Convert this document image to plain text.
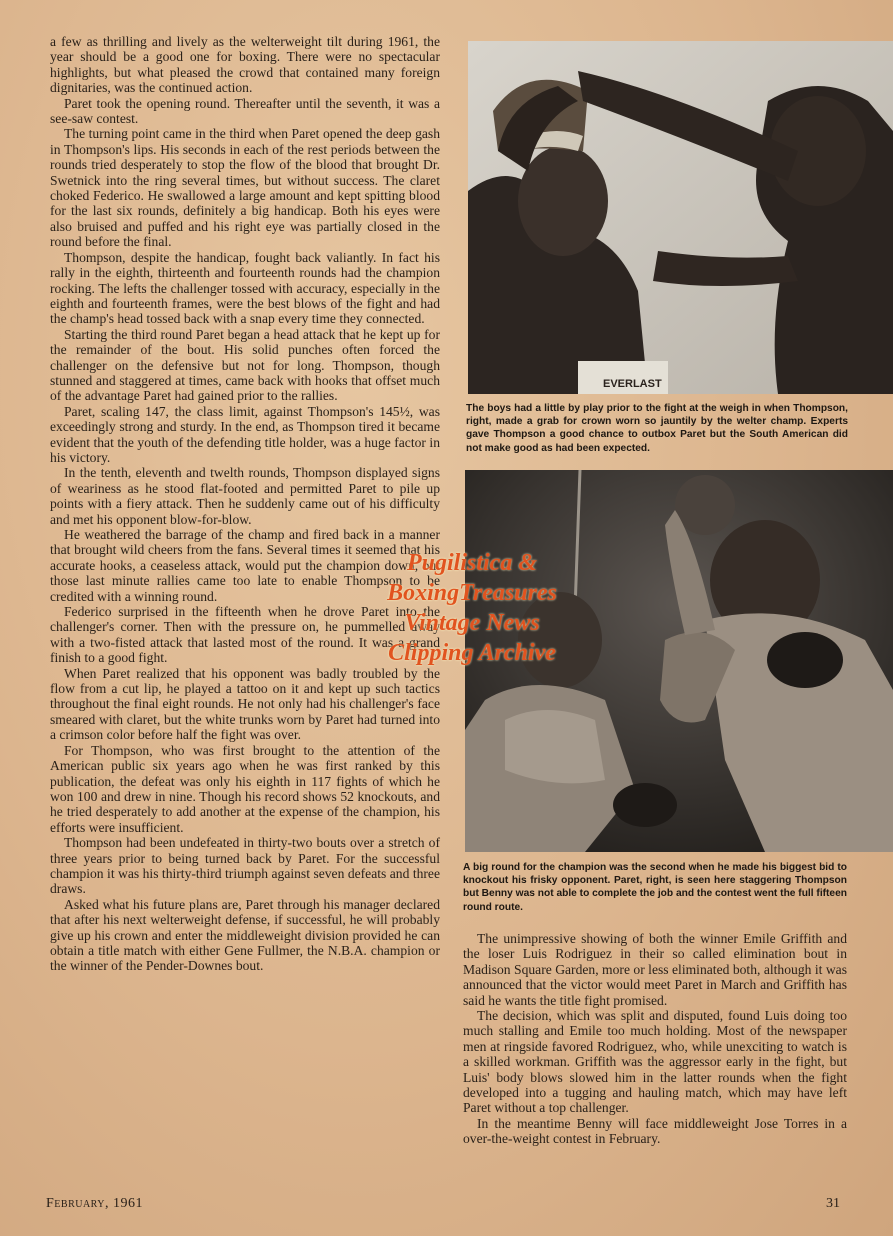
a few as thrilling and lively as the welterweight tilt during 1961, the year should be a good one for boxing. There were no spectacular highlights, but what pleased the crowd that contained many foreign dignitaries, was the continued action.

Paret took the opening round. Thereafter until the seventh, it was a see-saw contest.

The turning point came in the third when Paret opened the deep gash in Thompson's lips. His seconds in each of the rest periods between the rounds tried desperately to stop the flow of the blood that brought Dr. Swetnick into the ring several times, but without success. The claret choked Federico. He swallowed a large amount and kept spitting blood for the last six rounds, definitely a big handicap. Both his eyes were also bruised and puffed and his right eye was partially closed in the round before the final.

Thompson, despite the handicap, fought back valiantly. In fact his rally in the eighth, thirteenth and fourteenth rounds had the champion rocking. The lefts the challenger tossed with accuracy, especially in the eighth and fourteenth frames, were the best blows of the fight and had the champ's head tossed back with a snap every time they connected.

Starting the third round Paret began a head attack that he kept up for the remainder of the bout. His solid punches often forced the challenger on the defensive but not for long. Thompson, though stunned and staggered at times, came back with hooks that offset much of the advantage Paret had gained prior to the rallies.

Paret, scaling 147, the class limit, against Thompson's 145½, was exceedingly strong and sturdy. In the end, as Thompson tired it became evident that the youth of the defending title holder, was a huge factor in his victory.

In the tenth, eleventh and twelth rounds, Thompson displayed signs of weariness as he stood flat-footed and permitted Paret to pile up points with a fiery attack. Then he suddenly came out of his difficulty and met his opponent blow-for-blow.

He weathered the barrage of the champ and fired back in a manner that brought wild cheers from the fans. Several times it seemed that his accurate hooks, a ceaseless attack, would put the champion down, but those last minute rallies came too late to enable Thompson to be credited with a winning round.

Federico surprised in the fifteenth when he drove Paret into the challenger's corner. Then with the pressure on, he pummelled away with a two-fisted attack that lasted most of the round. It was a grand finish to a good fight.

When Paret realized that his opponent was badly troubled by the flow from a cut lip, he played a tattoo on it and kept up such tactics throughout the final eight rounds. He not only had his challenger's face smeared with claret, but the white trunks worn by Paret had turned into a crimson color before half the fight was over.

For Thompson, who was first brought to the attention of the American public six years ago when he was first ranked by this publication, the defeat was only his eighth in 117 fights of which he won 100 and drew in nine. Though his record shows 52 knockouts, and he tried desperately to add another at the expense of the champion, his efforts were insufficient.

Thompson had been undefeated in thirty-two bouts over a stretch of three years prior to being turned back by Paret. For the successful champion it was his thirty-third triumph against seven defeats and three draws.

Asked what his future plans are, Paret through his manager declared that after his next welterweight defense, if successful, he will probably give up his crown and enter the middleweight division provided he can obtain a title match with either Gene Fullmer, the N.B.A. champion or the winner of the Pender-Downes bout.

EVERLAST
The boys had a little by play prior to the fight at the weigh in when Thompson, right, made a grab for crown worn so jauntily by the welter champ. Experts gave Thompson a good chance to outbox Paret but the South American did not make good as had been expected.
A big round for the champion was the second when he made his biggest bid to knockout his frisky opponent. Paret, right, is seen here staggering Thompson but Benny was not able to complete the job and the contest went the full fifteen round route.

The unimpressive showing of both the winner Emile Griffith and the loser Luis Rodriguez in their so called elimination bout in Madison Square Garden, more or less eliminated both, although it was announced that the victor would meet Paret in March and Griffith has said he wants the title fight promised.

The decision, which was split and disputed, found Luis doing too much stalling and Emile too much holding. Most of the newspaper men at ringside favored Rodriguez, who, while unexciting to watch is a skilled workman. Griffith was the aggressor early in the fight, but Luis' body blows slowed him in the latter rounds when the fight developed into a tugging and hauling match, which may have left Paret without a top challenger.

In the meantime Benny will face middleweight Jose Torres in a over-the-weight contest in February.

Pugilistica &
BoxingTreasures
Vintage News
Clipping Archive
February, 1961	31
